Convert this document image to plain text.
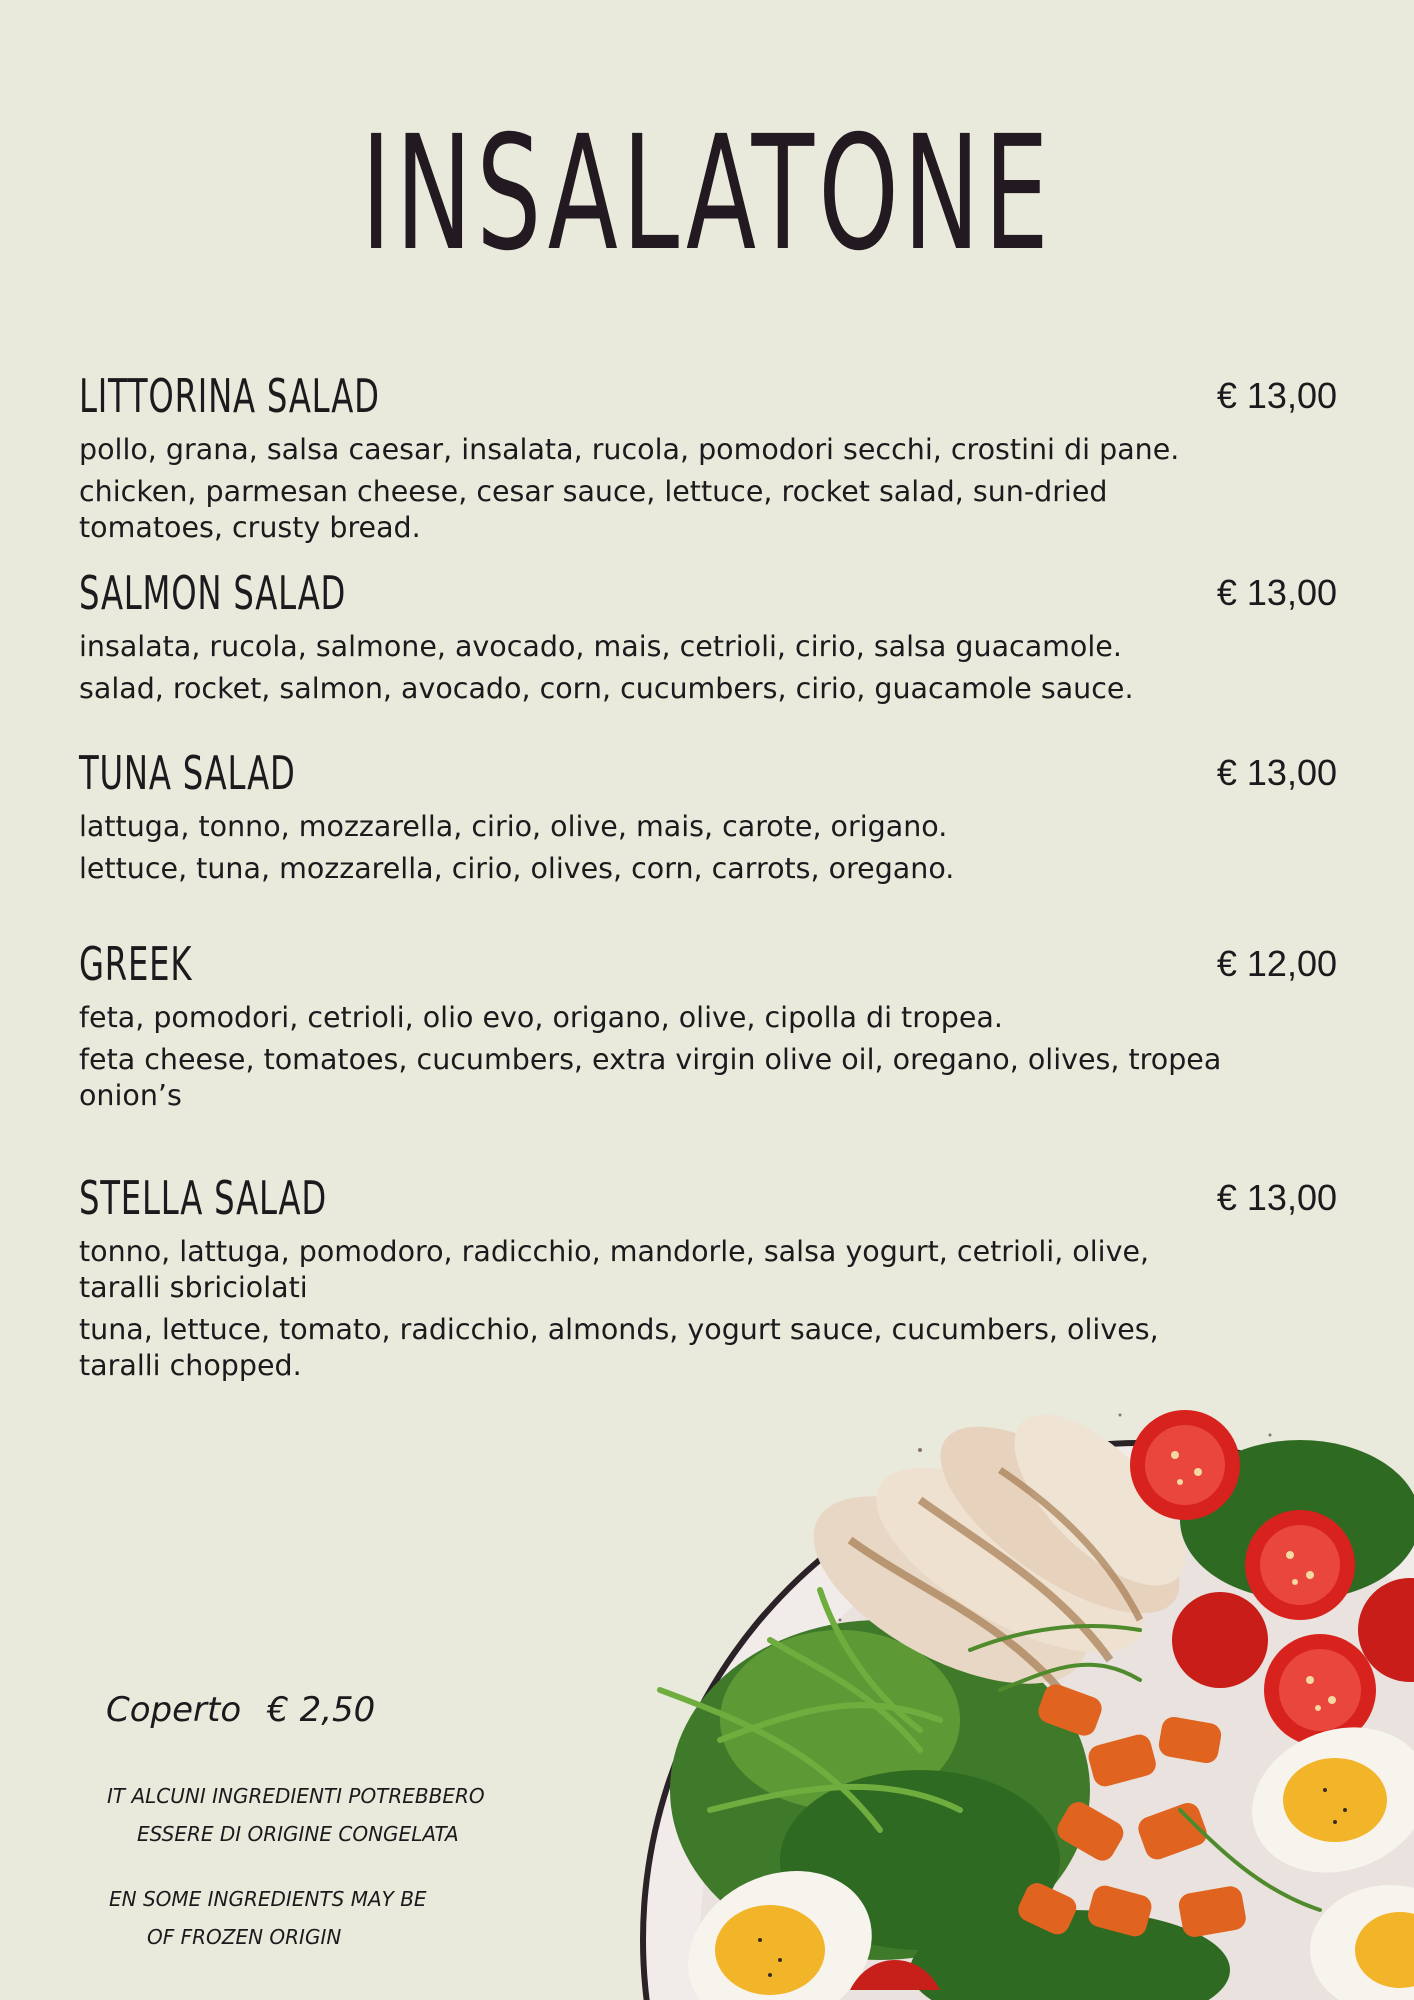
INSALATONE
LITTORINA SALAD	€ 13,00

pollo, grana, salsa caesar, insalata, rucola, pomodori secchi, crostini di pane.

chicken, parmesan cheese, cesar sauce, lettuce, rocket salad, sun-dried tomatoes, crusty bread.

SALMON SALAD	€ 13,00

insalata, rucola, salmone, avocado, mais, cetrioli, cirio, salsa guacamole.

salad, rocket, salmon, avocado, corn, cucumbers, cirio, guacamole sauce.

TUNA SALAD	€ 13,00

lattuga, tonno, mozzarella, cirio, olive, mais, carote, origano.

lettuce, tuna, mozzarella, cirio, olives, corn, carrots, oregano.

GREEK	€ 12,00

feta, pomodori, cetrioli, olio evo, origano, olive, cipolla di tropea.

feta cheese, tomatoes, cucumbers, extra virgin olive oil, oregano, olives, tropea onion’s

STELLA SALAD	€ 13,00

tonno, lattuga, pomodoro, radicchio, mandorle, salsa yogurt, cetrioli, olive, taralli sbriciolati

tuna, lettuce, tomato, radicchio, almonds, yogurt sauce, cucumbers, olives, taralli chopped.

Coperto € 2,50
IT ALCUNI INGREDIENTI POTREBBERO
ESSERE DI ORIGINE CONGELATA
EN SOME INGREDIENTS MAY BE
OF FROZEN ORIGIN
